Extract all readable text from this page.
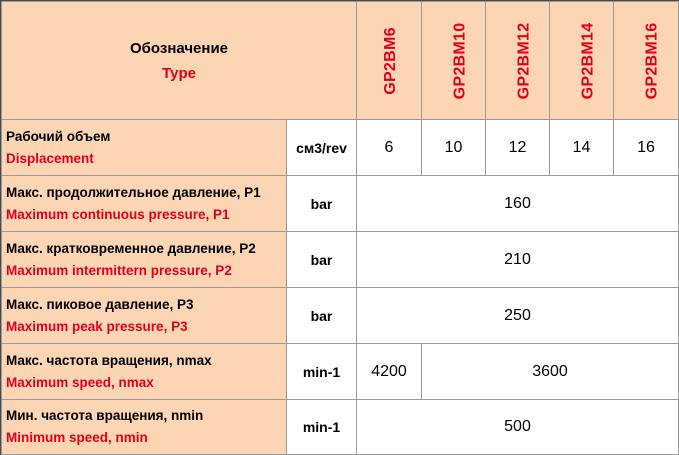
Обозначение
Type		GP2BM6	GP2BM10	GP2BM12	GP2BM14	GP2BM16

Рабочий объем
Displacement	см3/rev	6	10	12	14	16

Макс. продолжительное давление, P1
Maximum continuous pressure, P1	bar	160				

Макс. кратковременное давление, P2
Maximum intermittern pressure, P2	bar	210				

Макс. пиковое давление, P3
Maximum peak pressure, P3	bar	250				

Макс. частота вращения, nmax
Maximum speed, nmax	min-1	4200	3600			

Мин. частота вращения, nmin
Minimum speed, nmin	min-1	500				
